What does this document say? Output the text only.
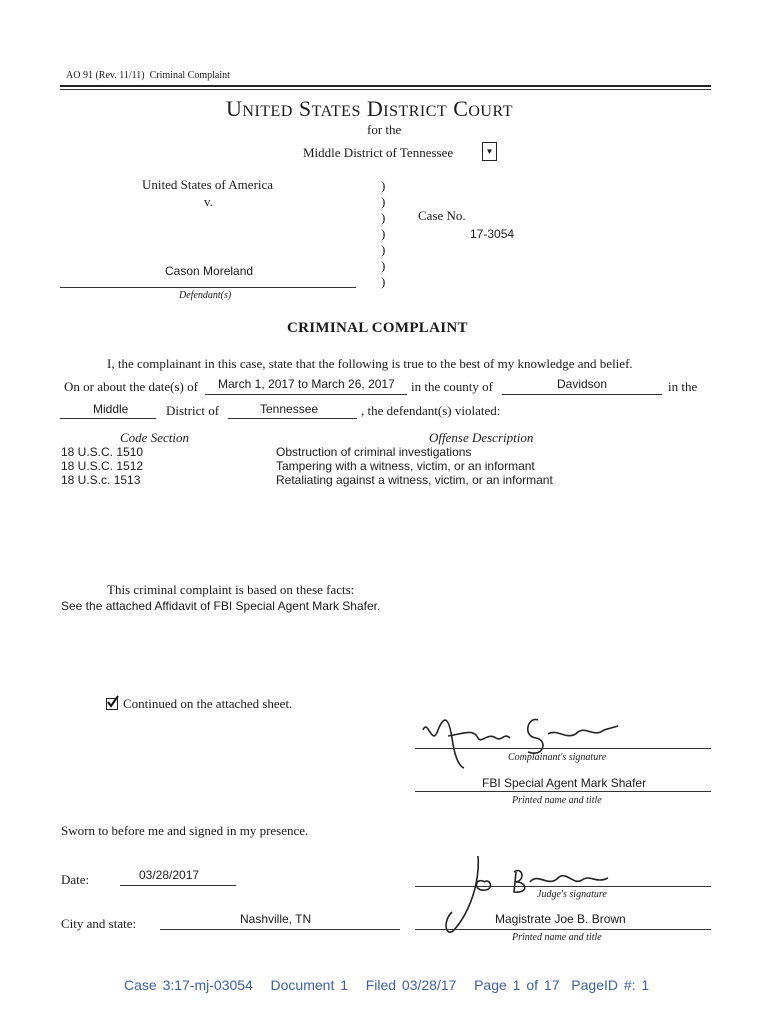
AO 91 (Rev. 11/11) Criminal Complaint
UNITED STATES DISTRICT COURT
for the
Middle District of Tennessee	▼
United States of America
v.
Cason Moreland
Defendant(s)
)
)
)
)
)
)
)
Case No.
17-3054
CRIMINAL COMPLAINT
I, the complainant in this case, state that the following is true to the best of my knowledge and belief.
On or about the date(s) of March 1, 2017 to March 26, 2017 in the county of	Davidson	in the
Middle	District of	Tennessee	, the defendant(s) violated:
Code Section	Offense Description
18 U.S.C. 1510	Obstruction of criminal investigations
18 U.S.C. 1512	Tampering with a witness, victim, or an informant
18 U.S.c. 1513	Retaliating against a witness, victim, or an informant
This criminal complaint is based on these facts:
See the attached Affidavit of FBI Special Agent Mark Shafer.
Continued on the attached sheet.
Complainant's signature
FBI Special Agent Mark Shafer
Printed name and title
Sworn to before me and signed in my presence.
Date:	03/28/2017
Judge's signature
City and state:	Nashville, TN	Magistrate Joe B. Brown
Printed name and title
Case 3:17-mj-03054 Document 1 Filed 03/28/17 Page 1 of 17 PageID #: 1
